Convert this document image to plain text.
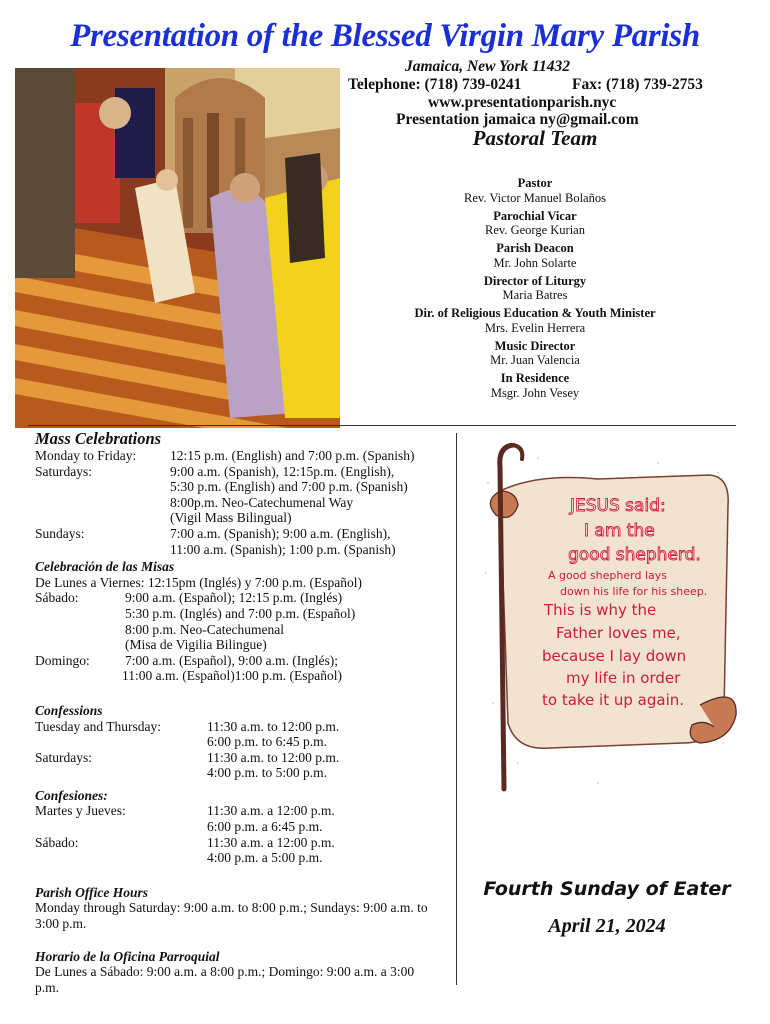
Presentation of the Blessed Virgin Mary Parish
Jamaica, New York 11432
Telephone: (718) 739-0241	Fax: (718) 739-2753
www.presentationparish.nyc
Presentation jamaica ny@gmail.com
Pastoral Team
Pastor
Rev. Victor Manuel Bolaños
Parochial Vicar
Rev. George Kurian
Parish Deacon
Mr. John Solarte
Director of Liturgy
Maria Batres
Dir. of Religious Education & Youth Minister
Mrs. Evelin Herrera
Music Director
Mr. Juan Valencia
In Residence
Msgr. John Vesey
Mass Celebrations
Monday to Friday:	12:15 p.m. (English) and 7:00 p.m. (Spanish)
Saturdays:	9:00 a.m. (Spanish), 12:15p.m. (English),
5:30 p.m. (English) and 7:00 p.m. (Spanish)
8:00p.m. Neo-Catechumenal Way
(Vigil Mass Bilingual)
Sundays:	7:00 a.m. (Spanish); 9:00 a.m. (English),
11:00 a.m. (Spanish); 1:00 p.m. (Spanish)
Celebración de las Misas
De Lunes a Viernes: 12:15pm (Inglés) y 7:00 p.m. (Español)
Sábado:	9:00 a.m. (Español); 12:15 p.m. (Inglés)
5:30 p.m. (Inglés) and 7:00 p.m. (Español)
8:00 p.m. Neo-Catechumenal
(Misa de Vigilia Bilingue)
Domingo:	7:00 a.m. (Español), 9:00 a.m. (Inglés);
11:00 a.m. (Español)1:00 p.m. (Español)
Confessions
Tuesday and Thursday:	11:30 a.m. to 12:00 p.m.
6:00 p.m. to 6:45 p.m.
Saturdays:	11:30 a.m. to 12:00 p.m.
4:00 p.m. to 5:00 p.m.
Confesiones:
Martes y Jueves:	11:30 a.m. a 12:00 p.m.
6:00 p.m. a 6:45 p.m.
Sábado:	11:30 a.m. a 12:00 p.m.
4:00 p.m. a 5:00 p.m.
Parish Office Hours
Monday through Saturday: 9:00 a.m. to 8:00 p.m.; Sundays: 9:00 a.m. to 3:00 p.m.
Horario de la Oficina Parroquial
De Lunes a Sábado: 9:00 a.m. a 8:00 p.m.; Domingo: 9:00 a.m. a 3:00 p.m.
JESUS said:
I am the
good shepherd.
A good shepherd lays
down his life for his sheep.
This is why the
Father loves me,
because I lay down
my life in order
to take it up again.
Fourth Sunday of Eater
April 21, 2024
